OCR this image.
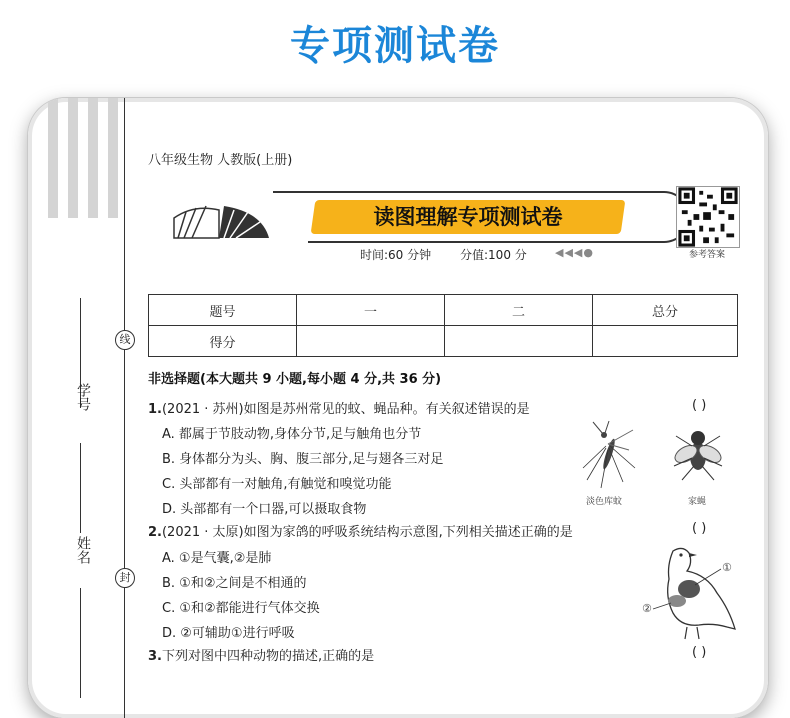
专项测试卷
线
封
学号
姓名
八年级生物 人教版(上册)
读图理解专项测试卷
时间:60 分钟 分值:100 分	◀◀◀●	参考答案
题号	一	二	总分
得分			
非选择题(本大题共 9 小题,每小题 4 分,共 36 分)
1.(2021 · 苏州)如图是苏州常见的蚊、蝇品种。有关叙述错误的是	( )
A. 都属于节肢动物,身体分节,足与触角也分节
B. 身体都分为头、胸、腹三部分,足与翅各三对足
C. 头部都有一对触角,有触觉和嗅觉功能
D. 头部都有一个口器,可以摄取食物	淡色库蚊	家蝇
2.(2021 · 太原)如图为家鸽的呼吸系统结构示意图,下列相关描述正确的是	( )
A. ①是气囊,②是肺
B. ①和②之间是不相通的
C. ①和②都能进行气体交换
D. ②可辅助①进行呼吸
①
②
3.下列对图中四种动物的描述,正确的是	( )
